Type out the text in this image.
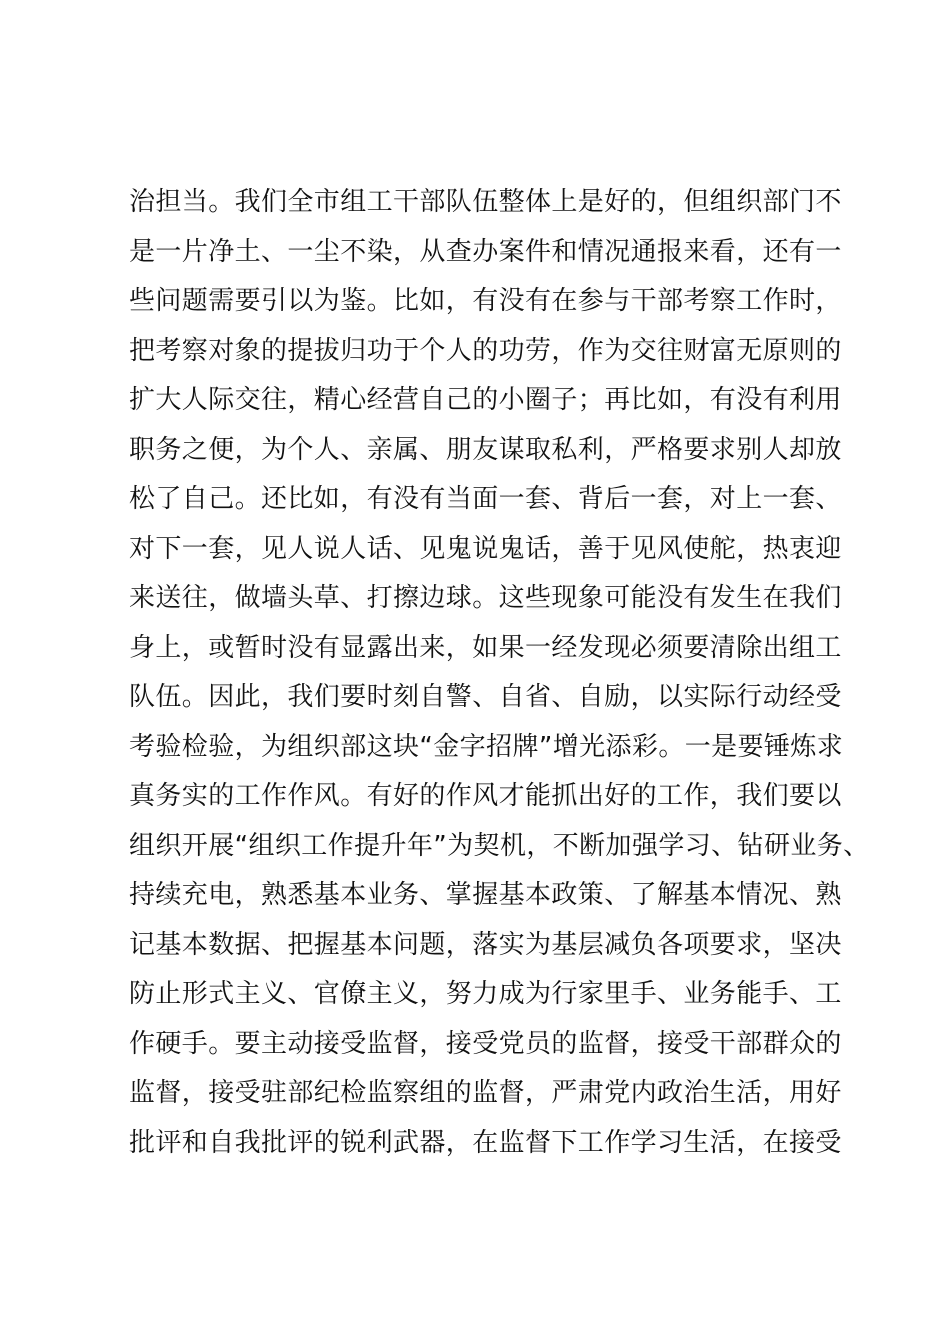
治担当。我们全市组工干部队伍整体上是好的，但组织部门不
是一片净土、一尘不染，从查办案件和情况通报来看，还有一
些问题需要引以为鉴。比如，有没有在参与干部考察工作时，
把考察对象的提拔归功于个人的功劳，作为交往财富无原则的
扩大人际交往，精心经营自己的小圈子；再比如，有没有利用
职务之便，为个人、亲属、朋友谋取私利，严格要求别人却放
松了自己。还比如，有没有当面一套、背后一套，对上一套、
对下一套，见人说人话、见鬼说鬼话，善于见风使舵，热衷迎
来送往，做墙头草、打擦边球。这些现象可能没有发生在我们
身上，或暂时没有显露出来，如果一经发现必须要清除出组工
队伍。因此，我们要时刻自警、自省、自励，以实际行动经受
考验检验，为组织部这块“金字招牌”增光添彩。一是要锤炼求
真务实的工作作风。有好的作风才能抓出好的工作，我们要以
组织开展“组织工作提升年”为契机，不断加强学习、钻研业务、
持续充电，熟悉基本业务、掌握基本政策、了解基本情况、熟
记基本数据、把握基本问题，落实为基层减负各项要求，坚决
防止形式主义、官僚主义，努力成为行家里手、业务能手、工
作硬手。要主动接受监督，接受党员的监督，接受干部群众的
监督，接受驻部纪检监察组的监督，严肃党内政治生活，用好
批评和自我批评的锐利武器，在监督下工作学习生活，在接受
